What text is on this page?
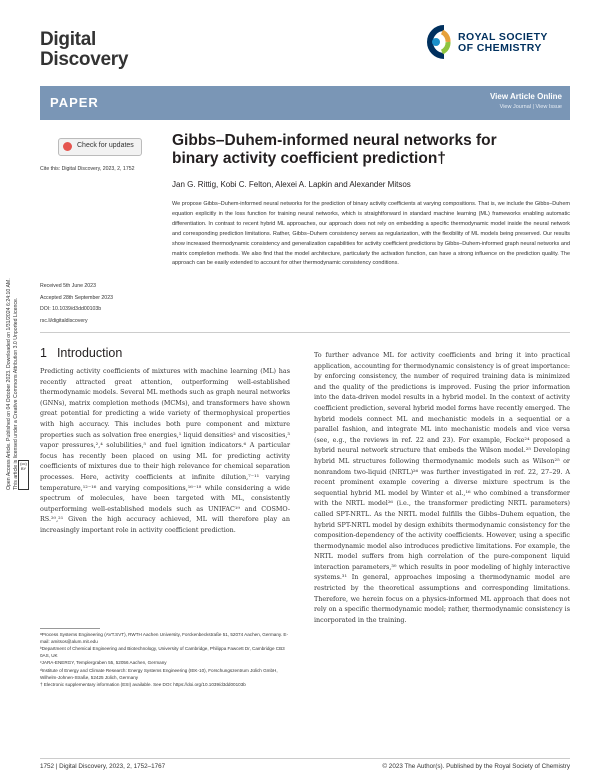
Digital
Discovery
ROYAL SOCIETY
OF CHEMISTRY
PAPER	View Article Online
View Journal | View Issue
Open Access Article. Published on 04 October 2023. Downloaded on 1/31/2024 6:24:10 AM. This article is licensed under a Creative Commons Attribution 3.0 Unported Licence. (cc) BY
Check for updates
Cite this: Digital Discovery, 2023, 2, 1752
Gibbs–Duhem-informed neural networks for binary activity coefficient prediction†
Jan G. Rittig, Kobi C. Felton, Alexei A. Lapkin and Alexander Mitsos
We propose Gibbs–Duhem-informed neural networks for the prediction of binary activity coefficients at varying compositions. That is, we include the Gibbs–Duhem equation explicitly in the loss function for training neural networks, which is straightforward in standard machine learning (ML) frameworks enabling automatic differentiation. In contrast to recent hybrid ML approaches, our approach does not rely on embedding a specific thermodynamic model inside the neural network and corresponding prediction limitations. Rather, Gibbs–Duhem consistency serves as regularization, with the flexibility of ML models being preserved. Our results show increased thermodynamic consistency and generalization capabilities for activity coefficient predictions by Gibbs–Duhem-informed graph neural networks and matrix completion methods. We also find that the model architecture, particularly the activation function, can have a strong influence on the prediction quality. The approach can be easily extended to account for other thermodynamic consistency conditions.
Received 5th June 2023
Accepted 28th September 2023
DOI: 10.1039/d3dd00103b
rsc.li/digitaldiscovery
1 Introduction

Predicting activity coefficients of mixtures with machine learning (ML) has recently attracted great attention, outperforming well-established thermodynamic models. Several ML methods such as graph neural networks (GNNs), matrix completion methods (MCMs), and transformers have shown great potential for predicting a wide variety of thermophysical properties with high accuracy. This includes both pure component and mixture properties such as solvation free energies,¹ liquid densities² and viscosities,³ vapor pressures,²,⁴ solubilities,⁵ and fuel ignition indicators.⁶ A particular focus has recently been placed on using ML for predicting activity coefficients of mixtures due to their high relevance for chemical separation processes. Here, activity coefficients at infinite dilution,⁷⁻¹¹ varying temperature,¹²⁻¹⁶ and varying compositions,¹⁶⁻¹⁸ while considering a wide spectrum of molecules, have been targeted with ML, consistently outperforming well-established models such as UNIFAC¹⁹ and COSMO-RS.²⁰,²¹ Given the high accuracy achieved, ML will therefore play an increasingly important role in activity coefficient prediction.

To further advance ML for activity coefficients and bring it into practical application, accounting for thermodynamic consistency is of great importance: by enforcing consistency, the number of required training data is minimized and the quality of the predictions is improved. Fusing the prior information into the data-driven model results in a hybrid model. In the context of activity coefficient prediction, several hybrid model forms have recently emerged. The hybrid models connect ML and mechanistic models in a sequential or a parallel fashion, and integrate ML into mechanistic models and vice versa (see, e.g., the reviews in ref. 22 and 23). For example, Focke²⁴ proposed a hybrid neural network structure that embeds the Wilson model.²⁵ Developing hybrid ML structures following thermodynamic models such as Wilson²⁵ or nonrandom two-liquid (NRTL)²⁶ was further investigated in ref. 22, 27–29. A recent prominent example covering a diverse mixture spectrum is the sequential hybrid ML model by Winter et al.,¹⁶ who combined a transformer with the NRTL model²⁶ (i.e., the transformer predicting NRTL parameters) called SPT-NRTL. As the NRTL model fulfills the Gibbs–Duhem equation, the hybrid SPT-NRTL model by design exhibits thermodynamic consistency for the composition-dependency of the activity coefficients. However, using a specific thermodynamic model also introduces predictive limitations. For example, the NRTL model suffers from high correlation of the pure-component liquid interaction parameters,³⁰ which results in poor modeling of highly interactive systems.³¹ In general, approaches imposing a thermodynamic model are restricted by the theoretical assumptions and corresponding limitations. Therefore, we herein focus on a physics-informed ML approach that does not rely on a specific thermodynamic model; rather, thermodynamic consistency is incorporated in the training.

ᵃProcess Systems Engineering (AVT.SVT), RWTH Aachen University, Forckenbeckstraße 51, 52074 Aachen, Germany. E-mail: amitsos@alum.mit.edu
ᵇDepartment of Chemical Engineering and Biotechnology, University of Cambridge, Philippa Fawcett Dr, Cambridge CB3 0AS, UK
ᶜJARA-ENERGY, Templergraben 55, 52056 Aachen, Germany
ᵈInstitute of Energy and Climate Research: Energy Systems Engineering (IEK-10), Forschungszentrum Jülich GmbH, Wilhelm-Johnen-Straße, 52425 Jülich, Germany
† Electronic supplementary information (ESI) available. See DOI: https://doi.org/10.1039/d3dd00103b
1752 | Digital Discovery, 2023, 2, 1752–1767	© 2023 The Author(s). Published by the Royal Society of Chemistry
